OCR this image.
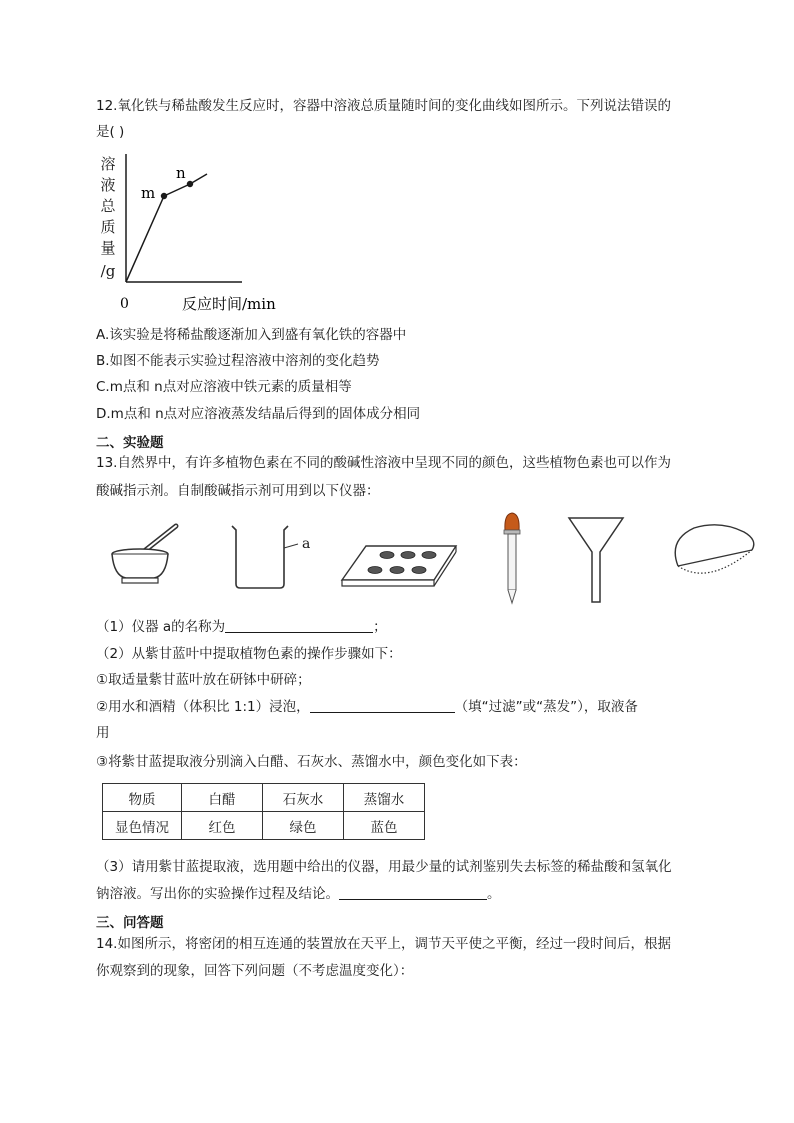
12.氧化铁与稀盐酸发生反应时，容器中溶液总质量随时间的变化曲线如图所示。下列说法错误的
是( )
溶
液
总
质
量
/g
m
n
0	反应时间/min
A.该实验是将稀盐酸逐渐加入到盛有氧化铁的容器中
B.如图不能表示实验过程溶液中溶剂的变化趋势
C.m点和 n点对应溶液中铁元素的质量相等
D.m点和 n点对应溶液蒸发结晶后得到的固体成分相同
二、实验题
13.自然界中，有许多植物色素在不同的酸碱性溶液中呈现不同的颜色，这些植物色素也可以作为
酸碱指示剂。自制酸碱指示剂可用到以下仪器：
a
（1）仪器 a的名称为	；
（2）从紫甘蓝叶中提取植物色素的操作步骤如下：
①取适量紫甘蓝叶放在研钵中研碎；
②用水和酒精（体积比 1:1）浸泡，	（填“过滤”或“蒸发”），取液备
用
③将紫甘蓝提取液分别滴入白醋、石灰水、蒸馏水中，颜色变化如下表：
物质	白醋	石灰水	蒸馏水
显色情况	红色	绿色	蓝色
（3）请用紫甘蓝提取液，选用题中给出的仪器，用最少量的试剂鉴别失去标签的稀盐酸和氢氧化
钠溶液。写出你的实验操作过程及结论。	。
三、问答题
14.如图所示，将密闭的相互连通的装置放在天平上，调节天平使之平衡，经过一段时间后，根据
你观察到的现象，回答下列问题（不考虑温度变化）：
